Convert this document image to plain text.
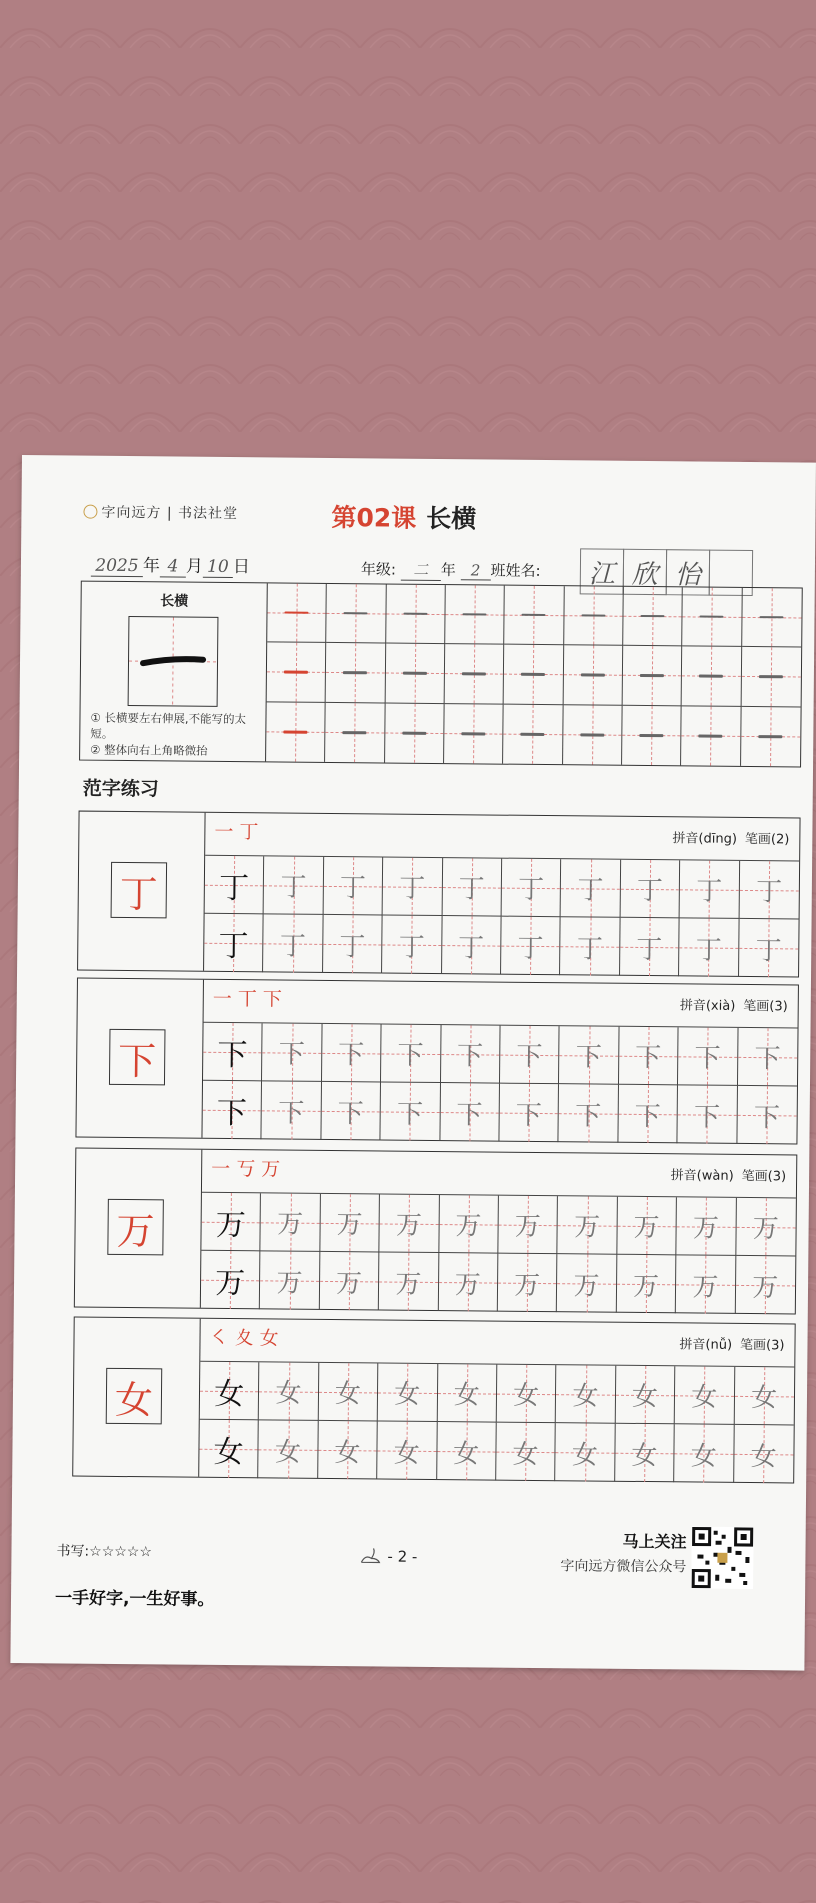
字向远方 | 书法社堂	第02课 长横
2025 年 4 月 10 日	年级: 二 年 2 班姓名:	江 欣 怡
长横
① 长横要左右伸展,不能写的太短。
② 整体向右上角略微抬
范字练习
丁
一丁	拼音(dīng) 笔画(2)
丁 丁 丁 丁 丁 丁 丁 丁 丁 丁
丁 丁 丁 丁 丁 丁 丁 丁 丁 丁
下
一丅下	拼音(xià) 笔画(3)
下 下 下 下 下 下 下 下 下 下
下 下 下 下 下 下 下 下 下 下
万
一丂万	拼音(wàn) 笔画(3)
万 万 万 万 万 万 万 万 万 万
万 万 万 万 万 万 万 万 万 万
女
㇛夊女	拼音(nǚ) 笔画(3)
女 女 女 女 女 女 女 女 女 女
女 女 女 女 女 女 女 女 女 女
书写:☆☆☆☆☆	- 2 -
一手好字,一生好事。
马上关注
字向远方微信公众号
